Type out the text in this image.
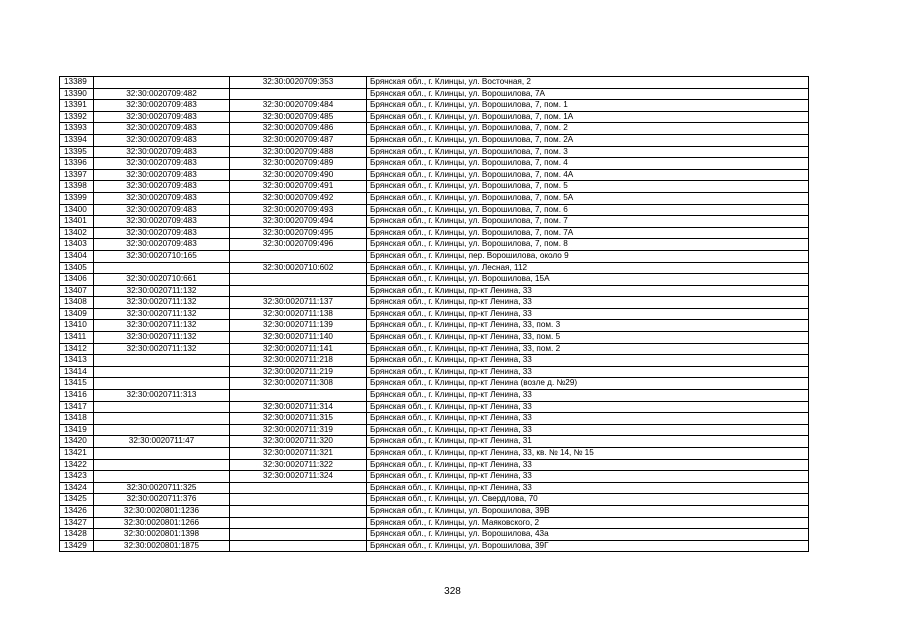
13389		32:30:0020709:353	Брянская обл., г. Клинцы, ул. Восточная, 2
13390	32:30:0020709:482		Брянская обл., г. Клинцы, ул. Ворошилова, 7А
13391	32:30:0020709:483	32:30:0020709:484	Брянская обл., г. Клинцы, ул. Ворошилова, 7, пом. 1
13392	32:30:0020709:483	32:30:0020709:485	Брянская обл., г. Клинцы, ул. Ворошилова, 7, пом. 1А
13393	32:30:0020709:483	32:30:0020709:486	Брянская обл., г. Клинцы, ул. Ворошилова, 7, пом. 2
13394	32:30:0020709:483	32:30:0020709:487	Брянская обл., г. Клинцы, ул. Ворошилова, 7, пом. 2А
13395	32:30:0020709:483	32:30:0020709:488	Брянская обл., г. Клинцы, ул. Ворошилова, 7, пом. 3
13396	32:30:0020709:483	32:30:0020709:489	Брянская обл., г. Клинцы, ул. Ворошилова, 7, пом. 4
13397	32:30:0020709:483	32:30:0020709:490	Брянская обл., г. Клинцы, ул. Ворошилова, 7, пом. 4А
13398	32:30:0020709:483	32:30:0020709:491	Брянская обл., г. Клинцы, ул. Ворошилова, 7, пом. 5
13399	32:30:0020709:483	32:30:0020709:492	Брянская обл., г. Клинцы, ул. Ворошилова, 7, пом. 5А
13400	32:30:0020709:483	32:30:0020709:493	Брянская обл., г. Клинцы, ул. Ворошилова, 7, пом. 6
13401	32:30:0020709:483	32:30:0020709:494	Брянская обл., г. Клинцы, ул. Ворошилова, 7, пом. 7
13402	32:30:0020709:483	32:30:0020709:495	Брянская обл., г. Клинцы, ул. Ворошилова, 7, пом. 7А
13403	32:30:0020709:483	32:30:0020709:496	Брянская обл., г. Клинцы, ул. Ворошилова, 7, пом. 8
13404	32:30:0020710:165		Брянская обл., г. Клинцы, пер. Ворошилова, около 9
13405		32:30:0020710:602	Брянская обл., г. Клинцы, ул. Лесная, 112
13406	32:30:0020710:661		Брянская обл., г. Клинцы, ул. Ворошилова, 15А
13407	32:30:0020711:132		Брянская обл., г. Клинцы, пр-кт Ленина, 33
13408	32:30:0020711:132	32:30:0020711:137	Брянская обл., г. Клинцы, пр-кт Ленина, 33
13409	32:30:0020711:132	32:30:0020711:138	Брянская обл., г. Клинцы, пр-кт Ленина, 33
13410	32:30:0020711:132	32:30:0020711:139	Брянская обл., г. Клинцы, пр-кт Ленина, 33, пом. 3
13411	32:30:0020711:132	32:30:0020711:140	Брянская обл., г. Клинцы, пр-кт Ленина, 33, пом. 5
13412	32:30:0020711:132	32:30:0020711:141	Брянская обл., г. Клинцы, пр-кт Ленина, 33, пом. 2
13413		32:30:0020711:218	Брянская обл., г. Клинцы, пр-кт Ленина, 33
13414		32:30:0020711:219	Брянская обл., г. Клинцы, пр-кт Ленина, 33
13415		32:30:0020711:308	Брянская обл., г. Клинцы, пр-кт Ленина (возле д. №29)
13416	32:30:0020711:313		Брянская обл., г. Клинцы, пр-кт Ленина, 33
13417		32:30:0020711:314	Брянская обл., г. Клинцы, пр-кт Ленина, 33
13418		32:30:0020711:315	Брянская обл., г. Клинцы, пр-кт Ленина, 33
13419		32:30:0020711:319	Брянская обл., г. Клинцы, пр-кт Ленина, 33
13420	32:30:0020711:47	32:30:0020711:320	Брянская обл., г. Клинцы, пр-кт Ленина, 31
13421		32:30:0020711:321	Брянская обл., г. Клинцы, пр-кт Ленина, 33, кв. № 14, № 15
13422		32:30:0020711:322	Брянская обл., г. Клинцы, пр-кт Ленина, 33
13423		32:30:0020711:324	Брянская обл., г. Клинцы, пр-кт Ленина, 33
13424	32:30:0020711:325		Брянская обл., г. Клинцы, пр-кт Ленина, 33
13425	32:30:0020711:376		Брянская обл., г. Клинцы, ул. Свердлова, 70
13426	32:30:0020801:1236		Брянская обл., г. Клинцы, ул. Ворошилова, 39В
13427	32:30:0020801:1266		Брянская обл., г. Клинцы, ул. Маяковского, 2
13428	32:30:0020801:1398		Брянская обл., г. Клинцы, ул. Ворошилова, 43а
13429	32:30:0020801:1875		Брянская обл., г. Клинцы, ул. Ворошилова, 39Г
328
